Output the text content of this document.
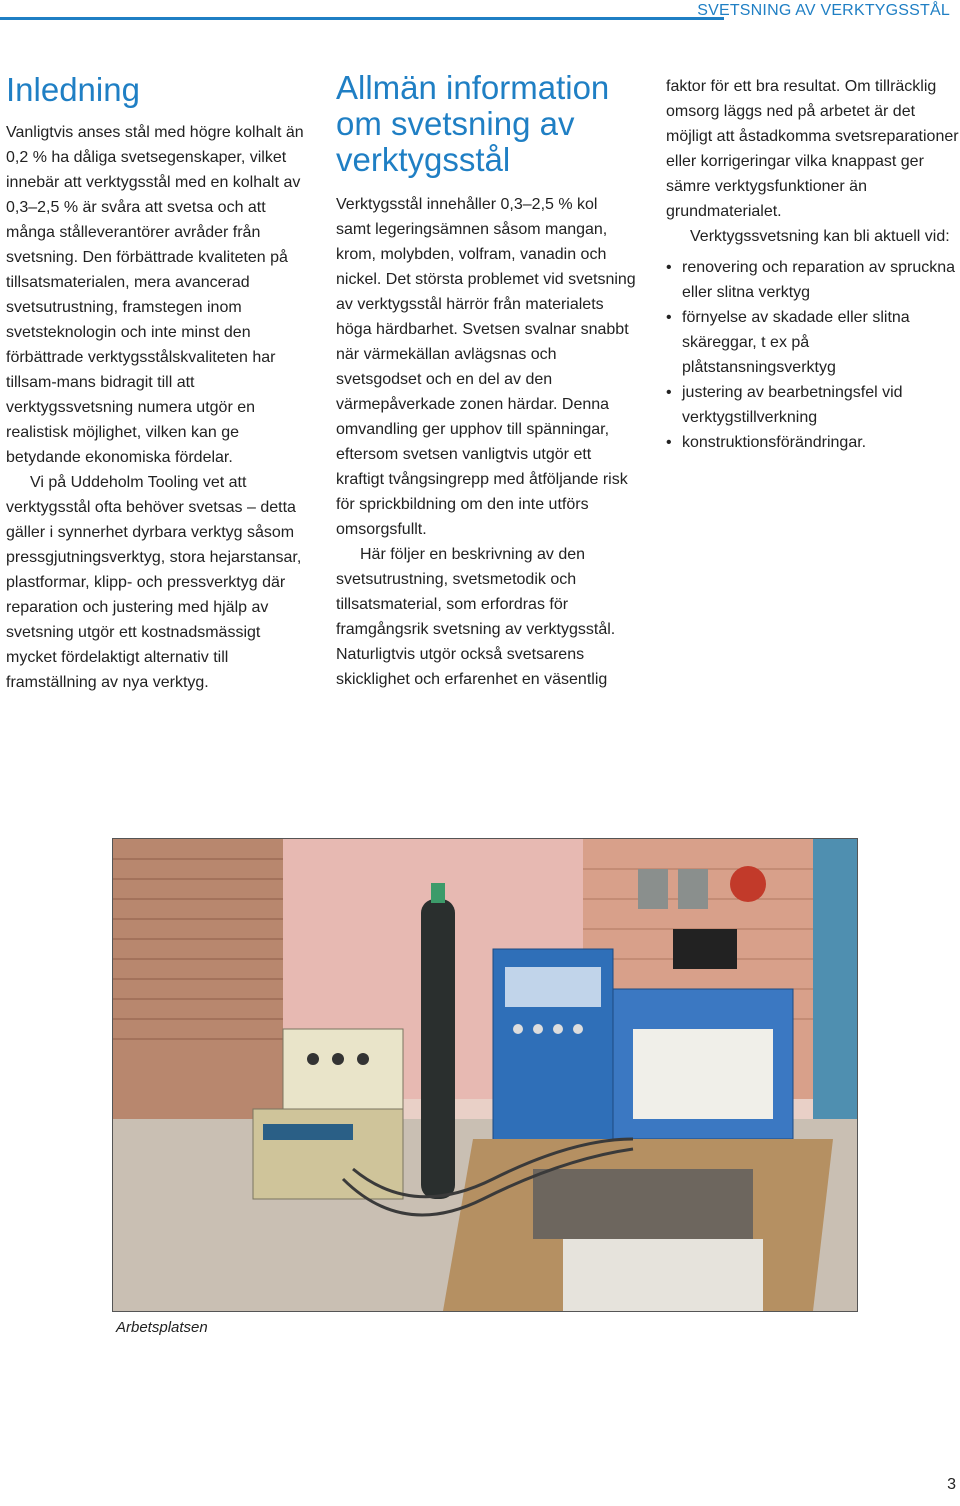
SVETSNING AV VERKTYGSSTÅL
Inledning

Vanligtvis anses stål med högre kolhalt än 0,2 % ha dåliga svetsegenskaper, vilket innebär att verktygsstål med en kolhalt av 0,3–2,5 % är svåra att svetsa och att många stålleverantörer avråder från svetsning. Den förbättrade kvaliteten på tillsatsmaterialen, mera avancerad svetsutrustning, framstegen inom svetsteknologin och inte minst den förbättrade verktygsstålskvaliteten har tillsam-mans bidragit till att verktygssvetsning numera utgör en realistisk möjlighet, vilken kan ge betydande ekonomiska fördelar.

Vi på Uddeholm Tooling vet att verktygsstål ofta behöver svetsas – detta gäller i synnerhet dyrbara verktyg såsom pressgjutningsverktyg, stora hejarstansar, plastformar, klipp- och pressverktyg där reparation och justering med hjälp av svetsning utgör ett kostnadsmässigt mycket fördelaktigt alternativ till framställning av nya verktyg.

Allmän information om svetsning av verktygsstål

Verktygsstål innehåller 0,3–2,5 % kol samt legeringsämnen såsom mangan, krom, molybden, volfram, vanadin och nickel. Det största problemet vid svetsning av verktygsstål härrör från materialets höga härdbarhet. Svetsen svalnar snabbt när värmekällan avlägsnas och svetsgodset och en del av den värmepåverkade zonen härdar. Denna omvandling ger upphov till spänningar, eftersom svetsen vanligtvis utgör ett kraftigt tvångsingrepp med åtföljande risk för sprickbildning om den inte utförs omsorgsfullt.

Här följer en beskrivning av den svetsutrustning, svetsmetodik och tillsatsmaterial, som erfordras för framgångsrik svetsning av verktygsstål. Naturligtvis utgör också svetsarens skicklighet och erfarenhet en väsentlig

faktor för ett bra resultat. Om tillräcklig omsorg läggs ned på arbetet är det möjligt att åstadkomma svetsreparationer eller korrigeringar vilka knappast ger sämre verktygsfunktioner än grundmaterialet.

Verktygssvetsning kan bli aktuell vid:

• renovering och reparation av spruckna eller slitna verktyg
• förnyelse av skadade eller slitna skäreggar, t ex på plåtstansningsverktyg
• justering av bearbetningsfel vid verktygstillverkning
• konstruktionsförändringar.
Arbetsplatsen
3
